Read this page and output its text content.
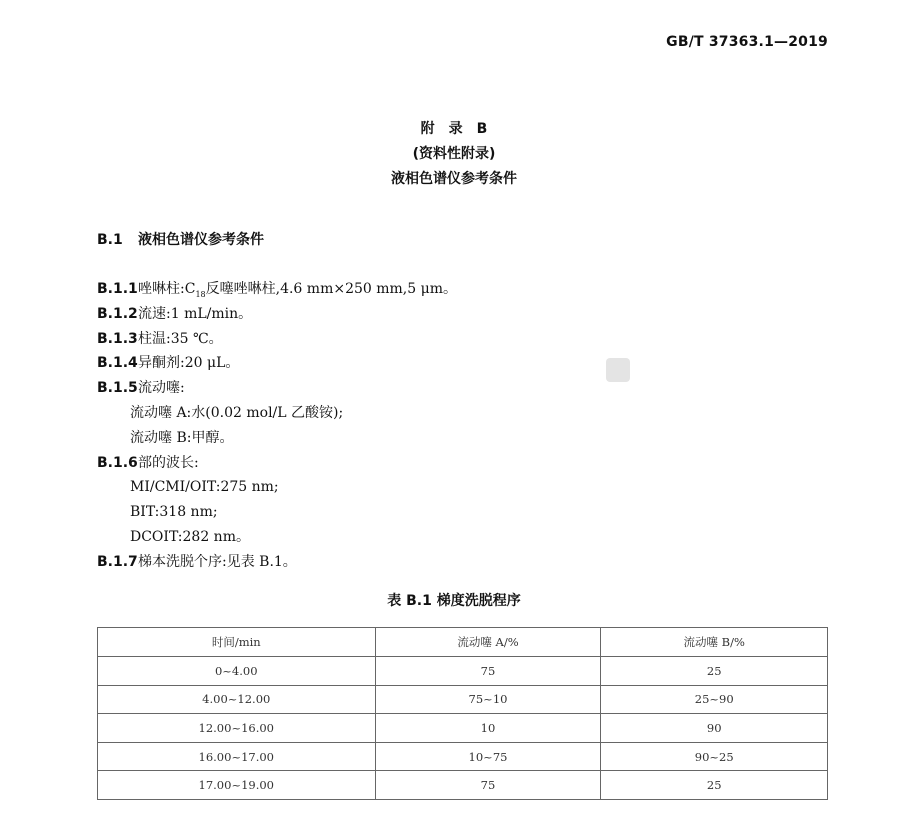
GB/T 37363.1—2019
附录B
(资料性附录)
液相色谱仪参考条件
B.1 液相色谱仪参考条件
B.1.1唑啉柱$:C_{18}$反噻唑啉柱,4.6 mm×250 mm,5 μm。
B.1.2流速:1 mL/min。
B.1.3柱温:35 ℃。
B.1.4异酮剂:20 μL。
B.1.5流动噻:
流动噻 A:水(0.02 mol/L 乙酸铵);
流动噻 B:甲醇。
B.1.6部的波长:
MI/CMI/OIT:275 nm;
BIT:318 nm;
DCOIT:282 nm。
B.1.7梯本洗脱个序:见表 B.1。
表 B.1 梯度洗脱程序
时间/min	流动噻 A/%	流动噻 B/%
0~4.00	75	25
4.00~12.00	75~10	25~90
12.00~16.00	10	90
16.00~17.00	10~75	90~25
17.00~19.00	75	25
